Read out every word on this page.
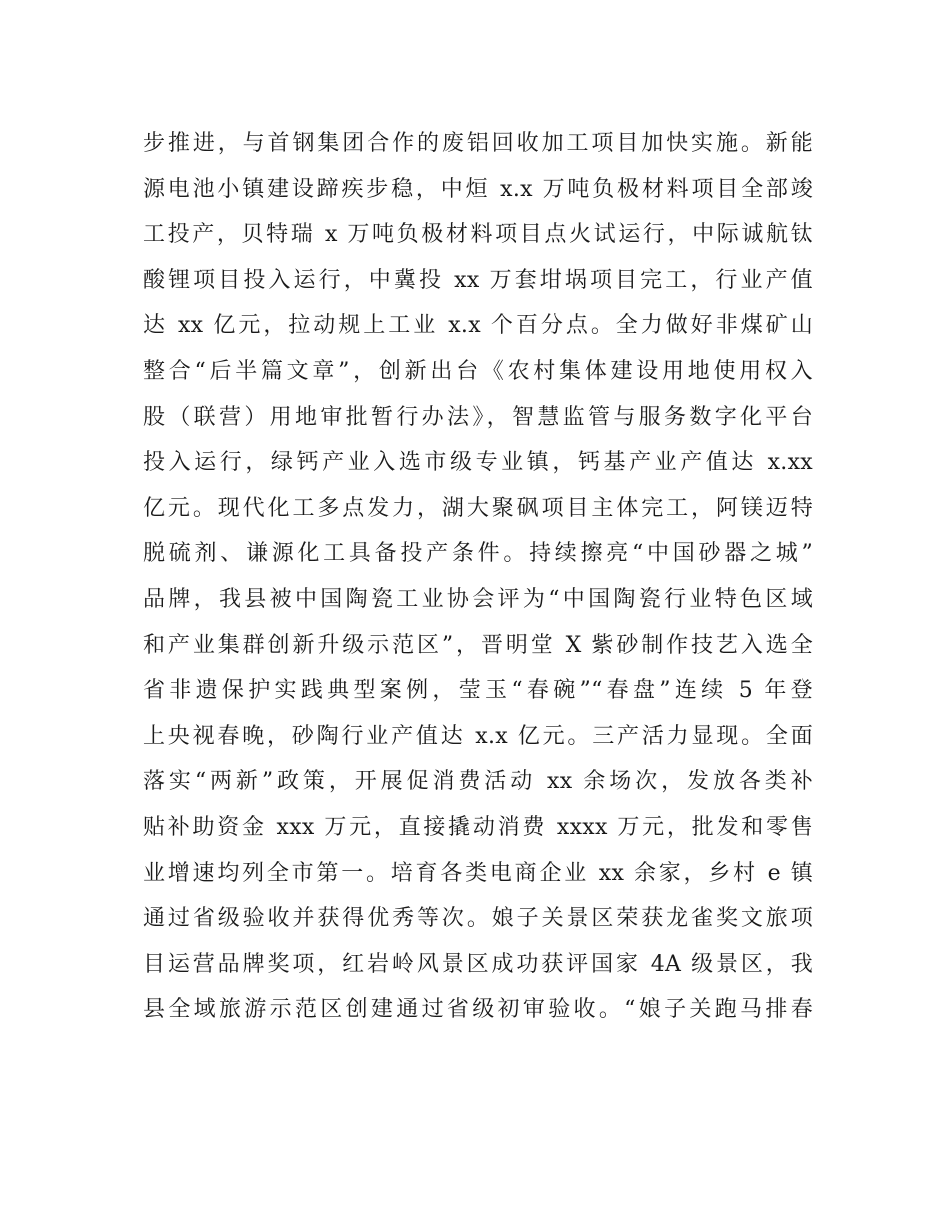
步推进，与首钢集团合作的废铝回收加工项目加快实施。新能
源电池小镇建设蹄疾步稳，中烜 x.x 万吨负极材料项目全部竣
工投产，贝特瑞 x 万吨负极材料项目点火试运行，中际诚航钛
酸锂项目投入运行，中冀投 xx 万套坩埚项目完工，行业产值
达 xx 亿元，拉动规上工业 x.x 个百分点。全力做好非煤矿山
整合“后半篇文章”，创新出台《农村集体建设用地使用权入
股（联营）用地审批暂行办法》，智慧监管与服务数字化平台
投入运行，绿钙产业入选市级专业镇，钙基产业产值达 x.xx
亿元。现代化工多点发力，湖大聚砜项目主体完工，阿镁迈特
脱硫剂、谦源化工具备投产条件。持续擦亮“中国砂器之城”
品牌，我县被中国陶瓷工业协会评为“中国陶瓷行业特色区域
和产业集群创新升级示范区”，晋明堂 X 紫砂制作技艺入选全
省非遗保护实践典型案例，莹玉“春碗”“春盘”连续 5 年登
上央视春晚，砂陶行业产值达 x.x 亿元。三产活力显现。全面
落实“两新”政策，开展促消费活动 xx 余场次，发放各类补
贴补助资金 xxx 万元，直接撬动消费 xxxx 万元，批发和零售
业增速均列全市第一。培育各类电商企业 xx 余家，乡村 e 镇
通过省级验收并获得优秀等次。娘子关景区荣获龙雀奖文旅项
目运营品牌奖项，红岩岭风景区成功获评国家 4A 级景区，我
县全域旅游示范区创建通过省级初审验收。“娘子关跑马排春
